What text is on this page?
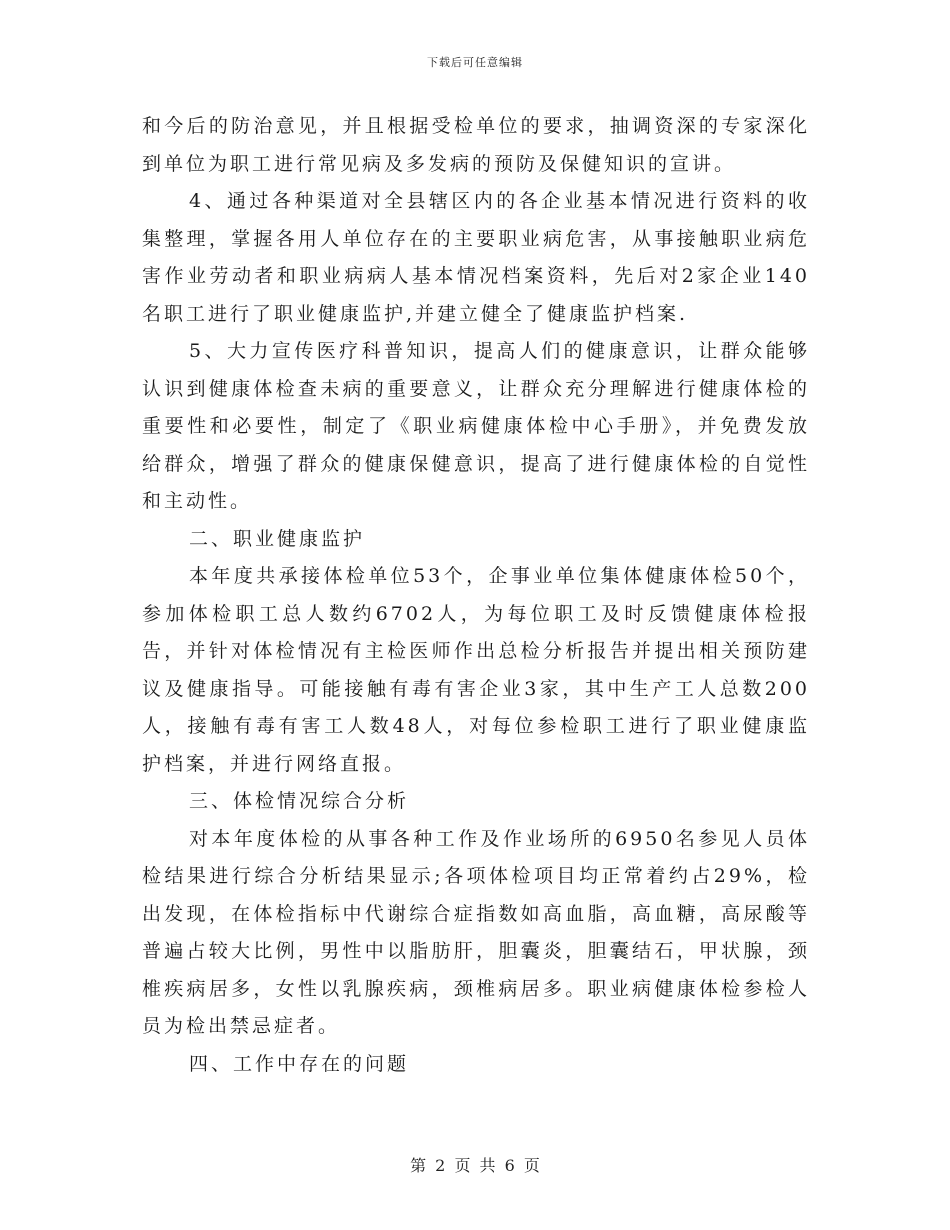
下载后可任意编辑

和今后的防治意见，并且根据受检单位的要求，抽调资深的专家深化到单位为职工进行常见病及多发病的预防及保健知识的宣讲。

4、通过各种渠道对全县辖区内的各企业基本情况进行资料的收集整理，掌握各用人单位存在的主要职业病危害，从事接触职业病危害作业劳动者和职业病病人基本情况档案资料，先后对2家企业140名职工进行了职业健康监护,并建立健全了健康监护档案.

5、大力宣传医疗科普知识，提高人们的健康意识，让群众能够认识到健康体检查未病的重要意义，让群众充分理解进行健康体检的重要性和必要性，制定了《职业病健康体检中心手册》，并免费发放给群众，增强了群众的健康保健意识，提高了进行健康体检的自觉性和主动性。

二、职业健康监护

本年度共承接体检单位53个，企事业单位集体健康体检50个，参加体检职工总人数约6702人，为每位职工及时反馈健康体检报告，并针对体检情况有主检医师作出总检分析报告并提出相关预防建议及健康指导。可能接触有毒有害企业3家，其中生产工人总数200人，接触有毒有害工人数48人，对每位参检职工进行了职业健康监护档案，并进行网络直报。

三、体检情况综合分析

对本年度体检的从事各种工作及作业场所的6950名参见人员体检结果进行综合分析结果显示;各项体检项目均正常着约占29%，检出发现，在体检指标中代谢综合症指数如高血脂，高血糖，高尿酸等普遍占较大比例，男性中以脂肪肝，胆囊炎，胆囊结石，甲状腺，颈椎疾病居多，女性以乳腺疾病，颈椎病居多。职业病健康体检参检人员为检出禁忌症者。

四、工作中存在的问题

第 2 页 共 6 页
